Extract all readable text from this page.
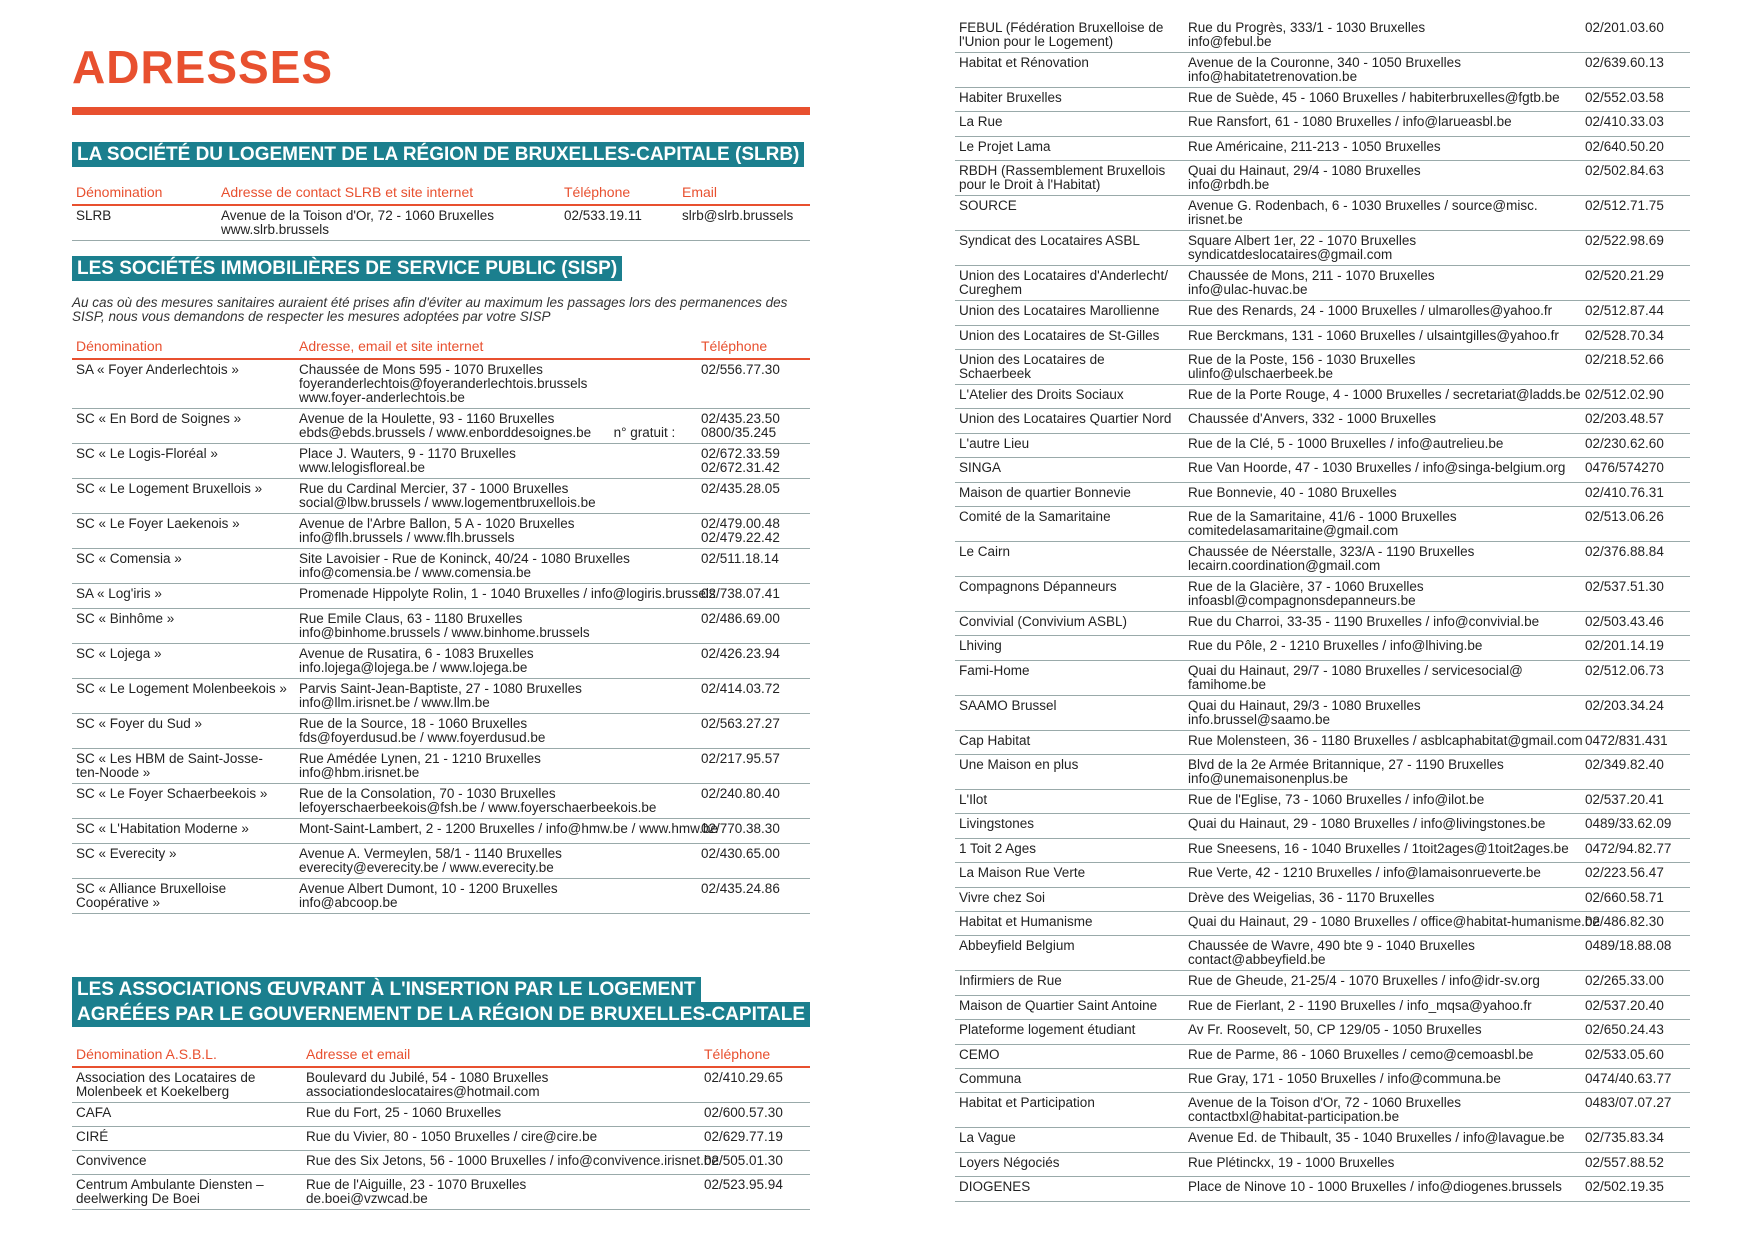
ADRESSES
LA SOCIÉTÉ DU LOGEMENT DE LA RÉGION DE BRUXELLES-CAPITALE (SLRB)
Dénomination	Adresse de contact SLRB et site internet	Téléphone	Email

SLRB	Avenue de la Toison d'Or, 72 - 1060 Bruxelles
www.slrb.brussels	02/533.19.11	slrb@slrb.brussels
LES SOCIÉTÉS IMMOBILIÈRES DE SERVICE PUBLIC (SISP)
Au cas où des mesures sanitaires auraient été prises afin d'éviter au maximum les passages lors des permanences des SISP, nous vous demandons de respecter les mesures adoptées par votre SISP
Dénomination	Adresse, email et site internet	Téléphone

SA « Foyer Anderlechtois »	Chaussée de Mons 595 - 1070 Bruxelles
foyeranderlechtois@foyeranderlechtois.brussels
www.foyer-anderlechtois.be	02/556.77.30

SC « En Bord de Soignes »	Avenue de la Houlette, 93 - 1160 Bruxelles
ebds@ebds.brussels / www.enborddesoignes.be      n° gratuit :	02/435.23.50
0800/35.245

SC « Le Logis-Floréal »	Place J. Wauters, 9 - 1170 Bruxelles
www.lelogisfloreal.be	02/672.33.59
02/672.31.42

SC « Le Logement Bruxellois »	Rue du Cardinal Mercier, 37 - 1000 Bruxelles
social@lbw.brussels / www.logementbruxellois.be	02/435.28.05

SC « Le Foyer Laekenois »	Avenue de l'Arbre Ballon, 5 A - 1020 Bruxelles
info@flh.brussels / www.flh.brussels	02/479.00.48
02/479.22.42

SC « Comensia »	Site Lavoisier - Rue de Koninck, 40/24 - 1080 Bruxelles
info@comensia.be / www.comensia.be	02/511.18.14

SA « Log'iris »	Promenade Hippolyte Rolin, 1 - 1040 Bruxelles / info@logiris.brussels	02/738.07.41

SC « Binhôme »	Rue Emile Claus, 63 - 1180 Bruxelles
info@binhome.brussels / www.binhome.brussels	02/486.69.00

SC « Lojega »	Avenue de Rusatira, 6 - 1083 Bruxelles
info.lojega@lojega.be / www.lojega.be	02/426.23.94

SC « Le Logement Molenbeekois »	Parvis Saint-Jean-Baptiste, 27 - 1080 Bruxelles
info@llm.irisnet.be / www.llm.be	02/414.03.72

SC « Foyer du Sud »	Rue de la Source, 18 - 1060 Bruxelles
fds@foyerdusud.be / www.foyerdusud.be	02/563.27.27

SC « Les HBM de Saint-Josse-
ten-Noode »	Rue Amédée Lynen, 21 - 1210 Bruxelles
info@hbm.irisnet.be	02/217.95.57

SC « Le Foyer Schaerbeekois »	Rue de la Consolation, 70 - 1030 Bruxelles
lefoyerschaerbeekois@fsh.be / www.foyerschaerbeekois.be	02/240.80.40

SC « L'Habitation Moderne »	Mont-Saint-Lambert, 2 - 1200 Bruxelles / info@hmw.be / www.hmw.be	02/770.38.30

SC « Everecity »	Avenue A. Vermeylen, 58/1 - 1140 Bruxelles
everecity@everecity.be / www.everecity.be	02/430.65.00

SC « Alliance Bruxelloise
Coopérative »	Avenue Albert Dumont, 10 - 1200 Bruxelles
info@abcoop.be	02/435.24.86
LES ASSOCIATIONS ŒUVRANT À L'INSERTION PAR LE LOGEMENT
AGRÉÉES PAR LE GOUVERNEMENT DE LA RÉGION DE BRUXELLES-CAPITALE
Dénomination A.S.B.L.	Adresse et email	Téléphone

Association des Locataires de
Molenbeek et Koekelberg	Boulevard du Jubilé, 54 - 1080 Bruxelles
associationdeslocataires@hotmail.com	02/410.29.65

CAFA	Rue du Fort, 25 - 1060 Bruxelles	02/600.57.30

CIRÉ	Rue du Vivier, 80 - 1050 Bruxelles / cire@cire.be	02/629.77.19

Convivence	Rue des Six Jetons, 56 - 1000 Bruxelles / info@convivence.irisnet.be	02/505.01.30

Centrum Ambulante Diensten –
deelwerking De Boei	Rue de l'Aiguille, 23 - 1070 Bruxelles
de.boei@vzwcad.be	02/523.95.94
FEBUL (Fédération Bruxelloise de
l'Union pour le Logement)	Rue du Progrès, 333/1 - 1030 Bruxelles
info@febul.be	02/201.03.60

Habitat et Rénovation	Avenue de la Couronne, 340 - 1050 Bruxelles
info@habitatetrenovation.be	02/639.60.13

Habiter Bruxelles	Rue de Suède, 45 - 1060 Bruxelles / habiterbruxelles@fgtb.be	02/552.03.58

La Rue	Rue Ransfort, 61 - 1080 Bruxelles / info@larueasbl.be	02/410.33.03

Le Projet Lama	Rue Américaine, 211-213 - 1050 Bruxelles	02/640.50.20

RBDH (Rassemblement Bruxellois
pour le Droit à l'Habitat)	Quai du Hainaut, 29/4 - 1080 Bruxelles
info@rbdh.be	02/502.84.63

SOURCE	Avenue G. Rodenbach, 6 - 1030 Bruxelles / source@misc.
irisnet.be	02/512.71.75

Syndicat des Locataires ASBL	Square Albert 1er, 22 - 1070 Bruxelles
syndicatdeslocataires@gmail.com	02/522.98.69

Union des Locataires d'Anderlecht/
Cureghem	Chaussée de Mons, 211 - 1070 Bruxelles
info@ulac-huvac.be	02/520.21.29

Union des Locataires Marollienne	Rue des Renards, 24 - 1000 Bruxelles / ulmarolles@yahoo.fr	02/512.87.44

Union des Locataires de St-Gilles	Rue Berckmans, 131 - 1060 Bruxelles / ulsaintgilles@yahoo.fr	02/528.70.34

Union des Locataires de
Schaerbeek	Rue de la Poste, 156 - 1030 Bruxelles
ulinfo@ulschaerbeek.be	02/218.52.66

L'Atelier des Droits Sociaux	Rue de la Porte Rouge, 4 - 1000 Bruxelles / secretariat@ladds.be	02/512.02.90

Union des Locataires Quartier Nord	Chaussée d'Anvers, 332 - 1000 Bruxelles	02/203.48.57

L'autre Lieu	Rue de la Clé, 5 - 1000 Bruxelles / info@autrelieu.be	02/230.62.60

SINGA	Rue Van Hoorde, 47 - 1030 Bruxelles / info@singa-belgium.org	0476/574270

Maison de quartier Bonnevie	Rue Bonnevie, 40 - 1080 Bruxelles	02/410.76.31

Comité de la Samaritaine	Rue de la Samaritaine, 41/6 - 1000 Bruxelles
comitedelasamaritaine@gmail.com	02/513.06.26

Le Cairn	Chaussée de Néerstalle, 323/A - 1190 Bruxelles
lecairn.coordination@gmail.com	02/376.88.84

Compagnons Dépanneurs	Rue de la Glacière, 37 - 1060 Bruxelles
infoasbl@compagnonsdepanneurs.be	02/537.51.30

Convivial (Convivium ASBL)	Rue du Charroi, 33-35 - 1190 Bruxelles / info@convivial.be	02/503.43.46

Lhiving	Rue du Pôle, 2 - 1210 Bruxelles / info@lhiving.be	02/201.14.19

Fami-Home	Quai du Hainaut, 29/7 - 1080 Bruxelles / servicesocial@
famihome.be	02/512.06.73

SAAMO Brussel	Quai du Hainaut, 29/3 - 1080 Bruxelles
info.brussel@saamo.be	02/203.34.24

Cap Habitat	Rue Molensteen, 36 - 1180 Bruxelles / asblcaphabitat@gmail.com	0472/831.431

Une Maison en plus	Blvd de la 2e Armée Britannique, 27 - 1190 Bruxelles
info@unemaisonenplus.be	02/349.82.40

L'Ilot	Rue de l'Eglise, 73 - 1060 Bruxelles / info@ilot.be	02/537.20.41

Livingstones	Quai du Hainaut, 29 - 1080 Bruxelles / info@livingstones.be	0489/33.62.09

1 Toit 2 Ages	Rue Sneesens, 16 - 1040 Bruxelles / 1toit2ages@1toit2ages.be	0472/94.82.77

La Maison Rue Verte	Rue Verte, 42 - 1210 Bruxelles / info@lamaisonrueverte.be	02/223.56.47

Vivre chez Soi	Drève des Weigelias, 36 - 1170 Bruxelles	02/660.58.71

Habitat et Humanisme	Quai du Hainaut, 29 - 1080 Bruxelles / office@habitat-humanisme.be	02/486.82.30

Abbeyfield Belgium	Chaussée de Wavre, 490 bte 9 - 1040 Bruxelles
contact@abbeyfield.be	0489/18.88.08

Infirmiers de Rue	Rue de Gheude, 21-25/4 - 1070 Bruxelles / info@idr-sv.org	02/265.33.00

Maison de Quartier Saint Antoine	Rue de Fierlant, 2 - 1190 Bruxelles / info_mqsa@yahoo.fr	02/537.20.40

Plateforme logement étudiant	Av Fr. Roosevelt, 50, CP 129/05 - 1050 Bruxelles	02/650.24.43

CEMO	Rue de Parme, 86 - 1060 Bruxelles / cemo@cemoasbl.be	02/533.05.60

Communa	Rue Gray, 171 - 1050 Bruxelles / info@communa.be	0474/40.63.77

Habitat et Participation	Avenue de la Toison d'Or, 72 - 1060 Bruxelles
contactbxl@habitat-participation.be	0483/07.07.27

La Vague	Avenue Ed. de Thibault, 35 - 1040 Bruxelles / info@lavague.be	02/735.83.34

Loyers Négociés	Rue Plétinckx, 19 - 1000 Bruxelles	02/557.88.52

DIOGENES	Place de Ninove 10 - 1000 Bruxelles / info@diogenes.brussels	02/502.19.35
